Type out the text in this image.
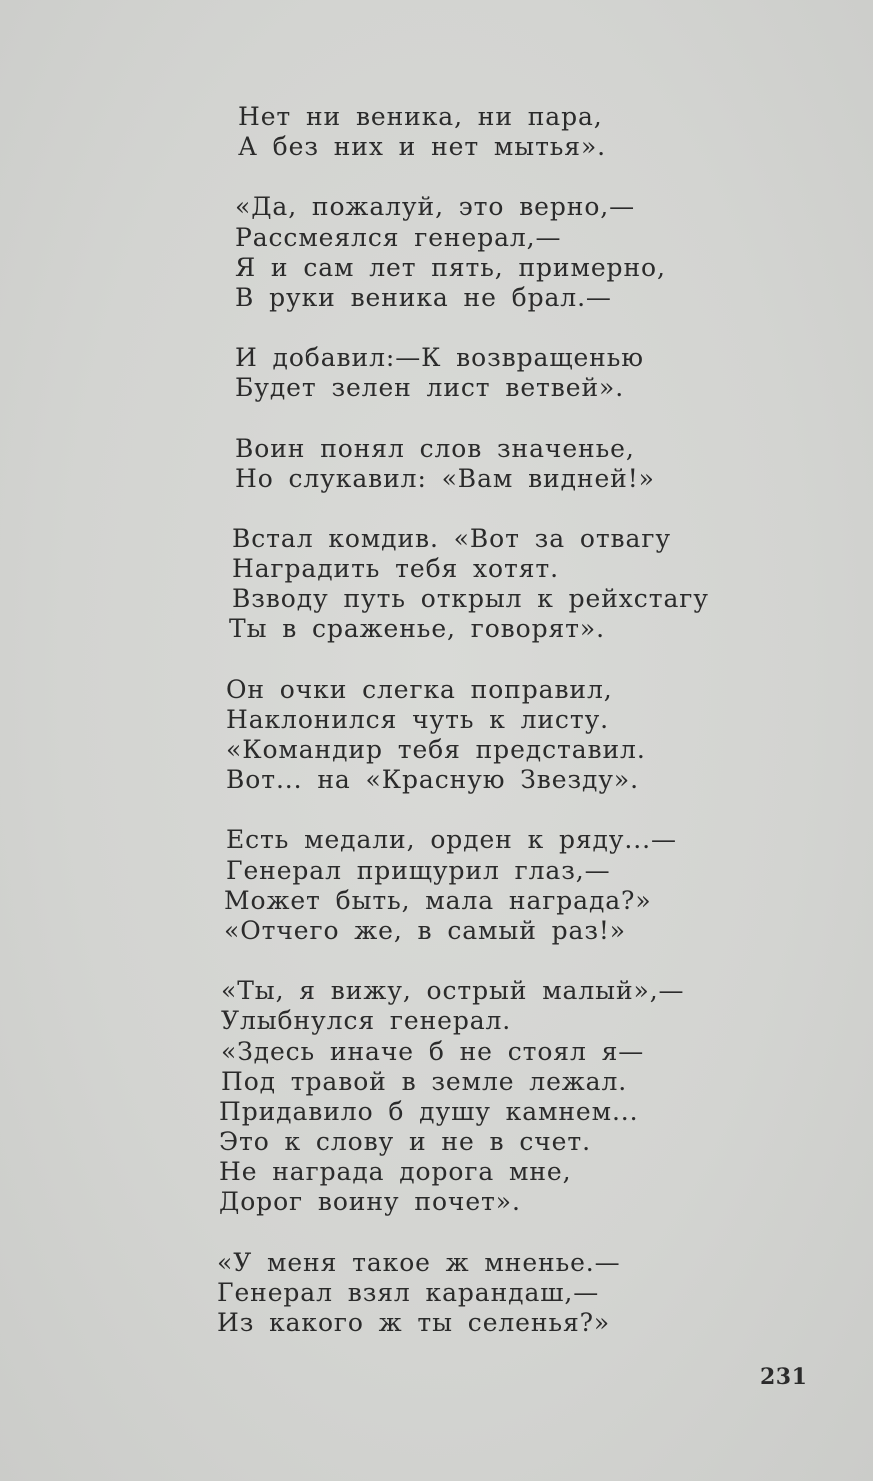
Нет ни веника, ни пара,
А без них и нет мытья».
«Да, пожалуй, это верно,—
Рассмеялся генерал,—
Я и сам лет пять, примерно,
В руки веника не брал.—
И добавил:—К возвращенью
Будет зелен лист ветвей».
Воин понял слов значенье,
Но слукавил: «Вам видней!»
Встал комдив. «Вот за отвагу
Наградить тебя хотят.
Взводу путь открыл к рейхстагу
Ты в сраженье, говорят».
Он очки слегка поправил,
Наклонился чуть к листу.
«Командир тебя представил.
Вот... на «Красную Звезду».
Есть медали, орден к ряду...—
Генерал прищурил глаз,—
Может быть, мала награда?»
«Отчего же, в самый раз!»
«Ты, я вижу, острый малый»,—
Улыбнулся генерал.
«Здесь иначе б не стоял я—
Под травой в земле лежал.
Придавило б душу камнем...
Это к слову и не в счет.
Не награда дорога мне,
Дорог воину почет».
«У меня такое ж мненье.—
Генерал взял карандаш,—
Из какого ж ты селенья?»
231
